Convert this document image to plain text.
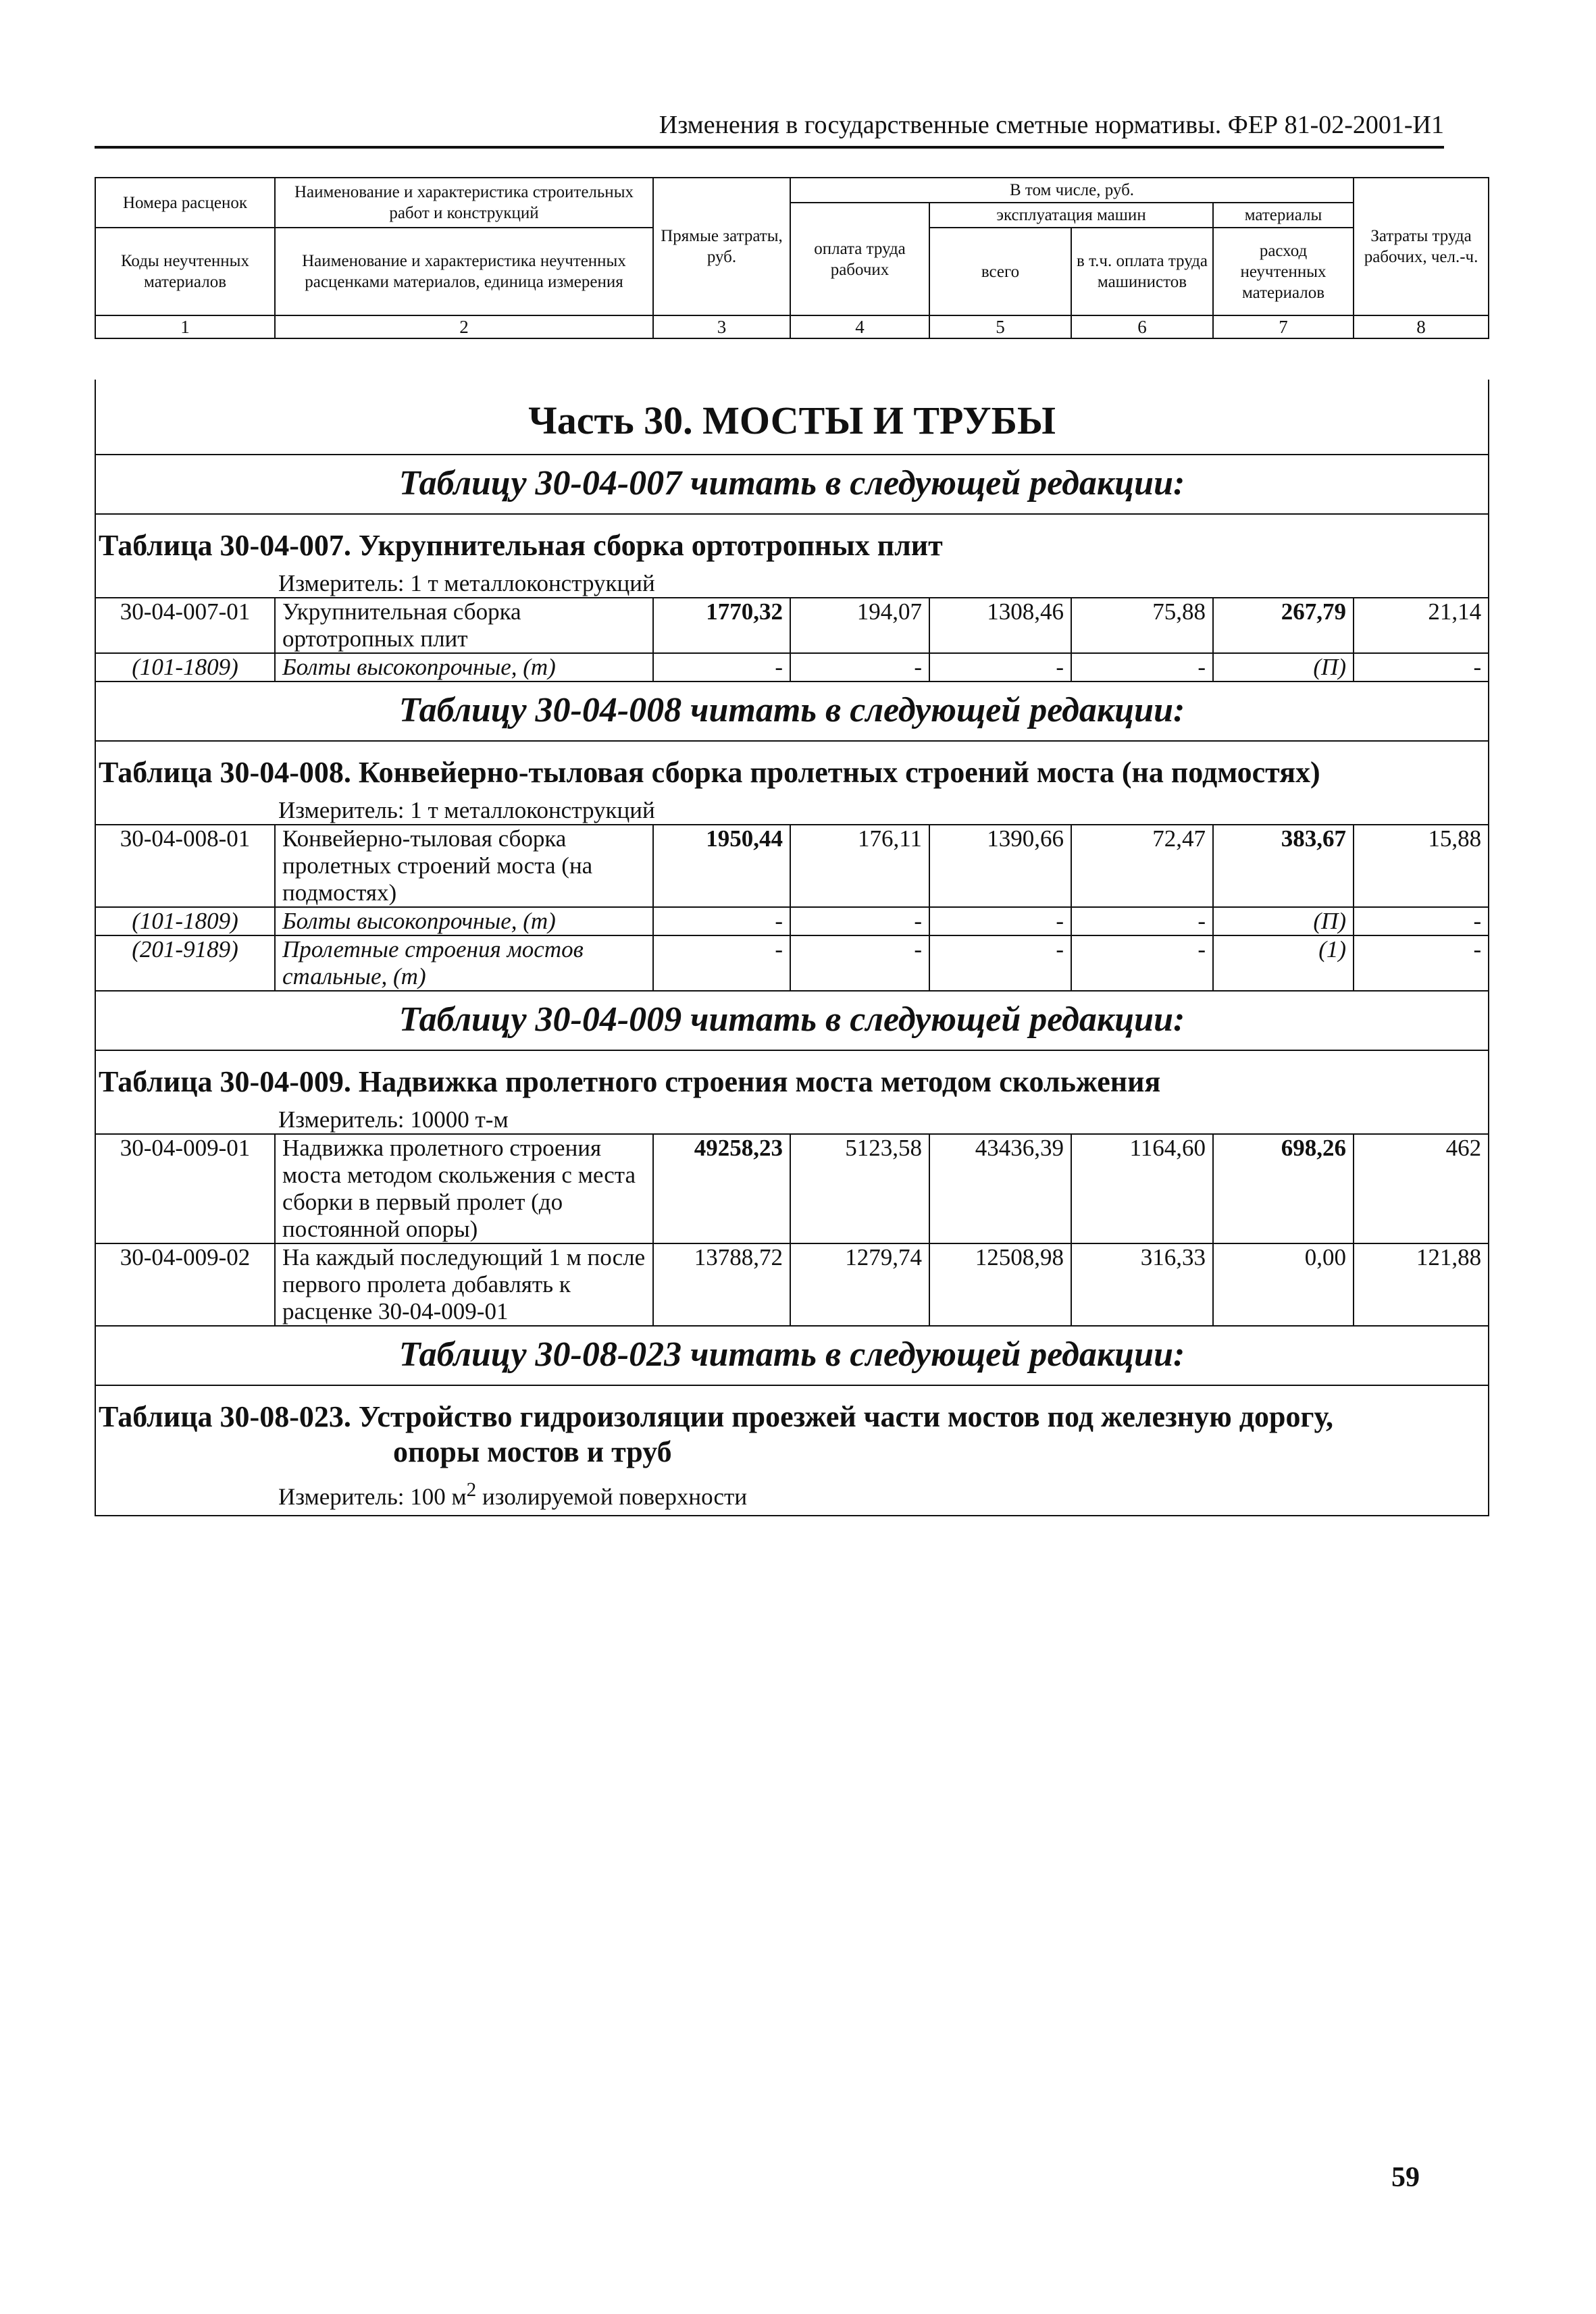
Изменения в государственные сметные нормативы. ФЕР 81-02-2001-И1
Номера расценок	Наименование и характеристика строительных работ и конструкций	Прямые затраты, руб.	В том числе, руб.				Затраты труда рабочих, чел.-ч.
			оплата труда рабочих	эксплуатация машин		материалы	
Коды неучтенных материалов	Наименование и характеристика неучтенных расценками материалов, единица измерения			всего	в т.ч. оплата труда машинистов	расход неучтенных материалов	

1	2	3	4	5	6	7	8
Часть 30. МОСТЫ И ТРУБЫ							
Таблицу 30-04-007 читать в следующей редакции:							
Таблица 30-04-007. Укрупнительная сборка ортотропных плит							
Измеритель: 1 т металлоконструкций							
30-04-007-01	Укрупнительная сборка ортотропных плит	1770,32	194,07	1308,46	75,88	267,79	21,14
(101-1809)	Болты высокопрочные, (т)	-	-	-	-	(П)	-
Таблицу 30-04-008 читать в следующей редакции:							
Таблица 30-04-008. Конвейерно-тыловая сборка пролетных строений моста (на подмостях)							
Измеритель: 1 т металлоконструкций							
30-04-008-01	Конвейерно-тыловая сборка пролетных строений моста (на подмостях)	1950,44	176,11	1390,66	72,47	383,67	15,88
(101-1809)	Болты высокопрочные, (т)	-	-	-	-	(П)	-
(201-9189)	Пролетные строения мостов стальные, (т)	-	-	-	-	(1)	-
Таблицу 30-04-009 читать в следующей редакции:							
Таблица 30-04-009. Надвижка пролетного строения моста методом скольжения							
Измеритель: 10000 т-м							
30-04-009-01	Надвижка пролетного строения моста методом скольжения с места сборки в первый пролет (до постоянной опоры)	49258,23	5123,58	43436,39	1164,60	698,26	462
30-04-009-02	На каждый последующий 1 м после первого пролета добавлять к расценке 30-04-009-01	13788,72	1279,74	12508,98	316,33	0,00	121,88
Таблицу 30-08-023 читать в следующей редакции:							
Таблица 30-08-023. Устройство гидроизоляции проезжей части мостов под железную дорогу,							
опоры мостов и труб							
Измеритель: 100 $м^2$ изолируемой поверхности							
59
